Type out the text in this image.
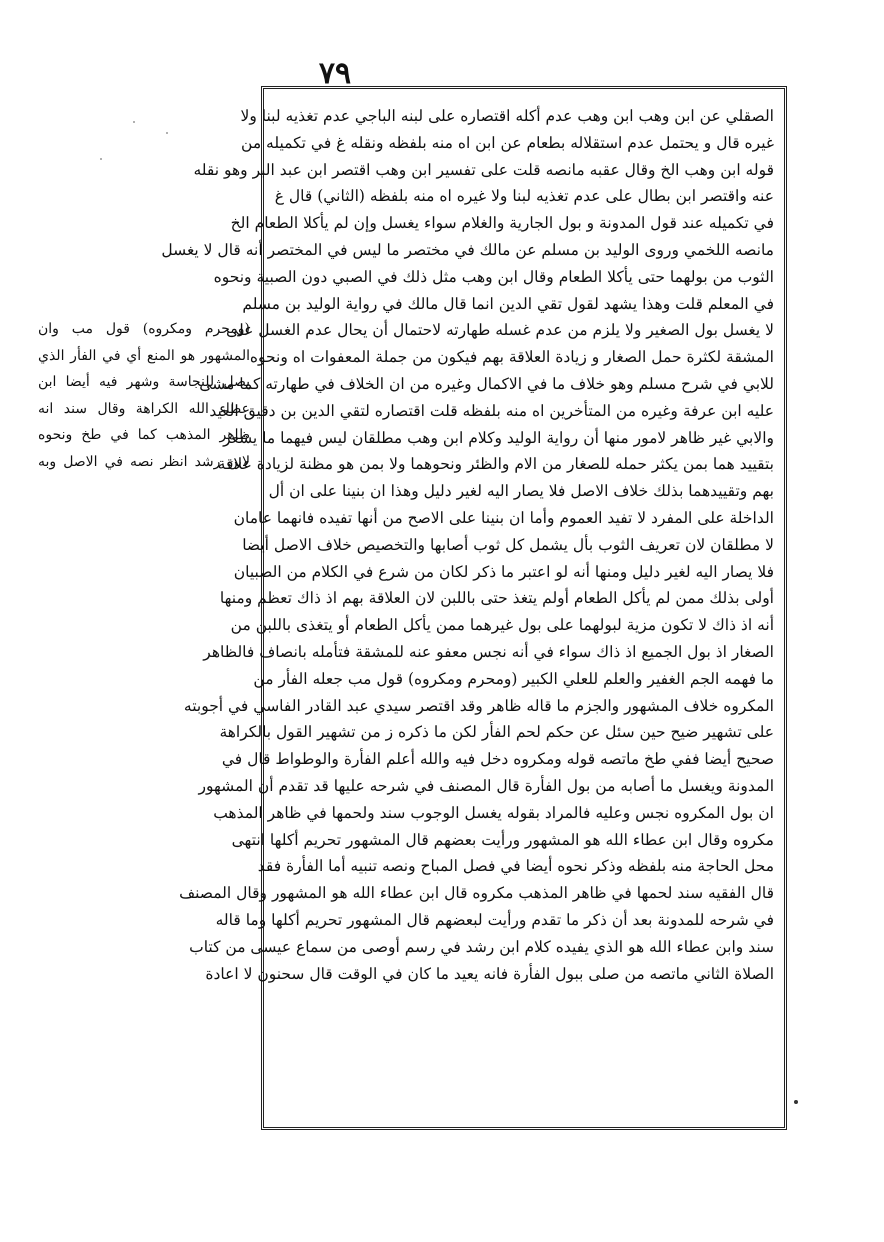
٧٩
الصقلي عن ابن وهب ابن وهب عدم أكله اقتصاره على لبنه الباجي عدم تغذيه لبنا ولا
غيره قال و يحتمل عدم استقلاله بطعام عن ابن اه منه بلفظه ونقله غ في تكميله من
قوله ابن وهب الخ وقال عقبه مانصه قلت على تفسير ابن وهب اقتصر ابن عبد البر وهو نقله
عنه واقتصر ابن بطال على عدم تغذيه لبنا ولا غيره اه منه بلفظه (الثاني) قال غ
في تكميله عند قول المدونة و بول الجارية والغلام سواء يغسل وإن لم يأكلا الطعام الخ
مانصه اللخمي وروى الوليد بن مسلم عن مالك في مختصر ما ليس في المختصر أنه قال لا يغسل
الثوب من بولهما حتى يأكلا الطعام وقال ابن وهب مثل ذلك في الصبي دون الصبية ونحوه
في المعلم قلت وهذا يشهد لقول تقي الدين انما قال مالك في رواية الوليد بن مسلم
لا يغسل بول الصغير ولا يلزم من عدم غسله طهارته لاحتمال أن يحال عدم الغسل على
المشقة لكثرة حمل الصغار و زيادة العلاقة بهم فيكون من جملة المعفوات اه ونحوه
للابي في شرح مسلم وهو خلاف ما في الاكمال وغيره من ان الخلاف في طهارته كما مشى
عليه ابن عرفة وغيره من المتأخرين اه منه بلفظه قلت اقتصاره لتقي الدين بن دقيق العيد
والابي غير ظاهر لامور منها أن رواية الوليد وكلام ابن وهب مطلقان ليس فيهما ما يشعر
بتقييد هما بمن يكثر حمله للصغار من الام والظئر ونحوهما ولا بمن هو مظنة لزيادة علاقة
بهم وتقييدهما بذلك خلاف الاصل فلا يصار اليه لغير دليل وهذا ان بنينا على ان أل
الداخلة على المفرد لا تفيد العموم وأما ان بنينا على الاصح من أنها تفيده فانهما عامان
لا مطلقان لان تعريف الثوب بأل يشمل كل ثوب أصابها والتخصيص خلاف الاصل أيضا
فلا يصار اليه لغير دليل ومنها أنه لو اعتبر ما ذكر لكان من شرع في الكلام من الصبيان
أولى بذلك ممن لم يأكل الطعام أولم يتغذ حتى باللبن لان العلاقة بهم اذ ذاك تعظم ومنها
أنه اذ ذاك لا تكون مزية لبولهما على بول غيرهما ممن يأكل الطعام أو يتغذى باللبن من
الصغار اذ بول الجميع اذ ذاك سواء في أنه نجس معفو عنه للمشقة فتأمله بانصاف فالظاهر
ما فهمه الجم الغفير والعلم للعلي الكبير (ومحرم ومكروه) قول مب جعله الفأر من
المكروه خلاف المشهور والجزم ما قاله ظاهر وقد اقتصر سيدي عبد القادر الفاسي في أجوبته
على تشهير ضيح حين سئل عن حكم لحم الفأر لكن ما ذكره ز من تشهير القول بالكراهة
صحيح أيضا ففي طخ ماتصه قوله ومكروه دخل فيه والله أعلم الفأرة والوطواط قال في
المدونة ويغسل ما أصابه من بول الفأرة قال المصنف في شرحه عليها قد تقدم أن المشهور
ان بول المكروه نجس وعليه فالمراد بقوله يغسل الوجوب سند ولحمها في ظاهر المذهب
مكروه وقال ابن عطاء الله هو المشهور ورأيت بعضهم قال المشهور تحريم أكلها انتهى
محل الحاجة منه بلفظه وذكر نحوه أيضا في فصل المباح ونصه تنبيه أما الفأرة فقد
قال الفقيه سند لحمها في ظاهر المذهب مكروه قال ابن عطاء الله هو المشهور وقال المصنف
في شرحه للمدونة بعد أن ذكر ما تقدم ورأيت لبعضهم قال المشهور تحريم أكلها وما قاله
سند وابن عطاء الله هو الذي يفيده كلام ابن رشد في رسم أوصى من سماع عيسى من كتاب
الصلاة الثاني ماتصه من صلى ببول الفأرة فانه يعيد ما كان في الوقت قال سحنون لا اعادة
(ومحرم ومكروه) قول مب وان
المشهور هو المنع أي في الفأر الذي
يصل للنجاسة وشهر فيه أيضا ابن
عطاء الله الكراهة وقال سند انه
ظاهر المذهب كما في طخ ونحوه
لابن رشد انظر نصه في الاصل وبه
